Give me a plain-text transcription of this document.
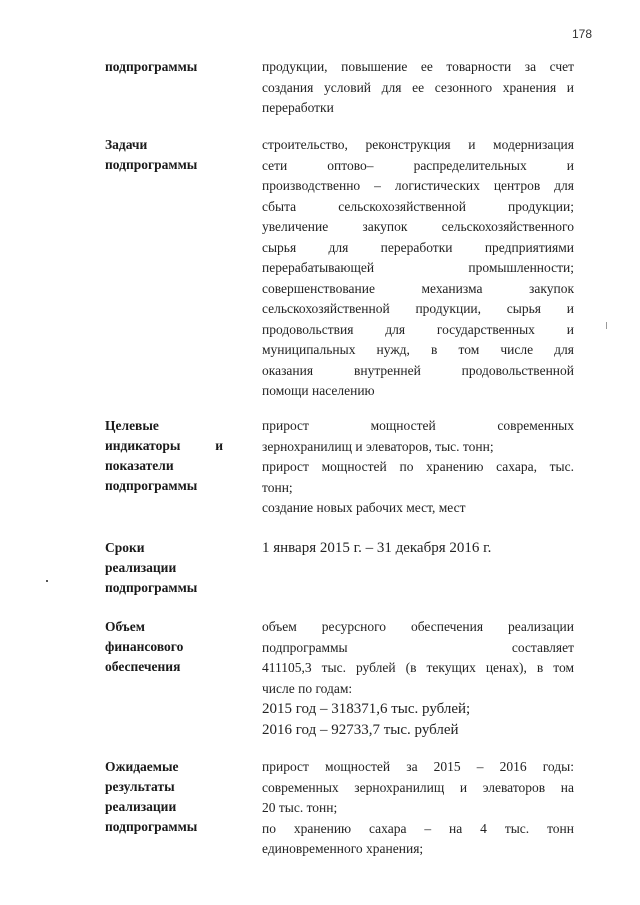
178
подпрограммы	продукции, повышение ее товарности за счет
создания условий для ее сезонного хранения и
переработки
Задачи
подпрограммы
строительство, реконструкция и модернизация
сети оптово– распределительных и
производственно – логистических центров для
сбыта сельскохозяйственной продукции;
увеличение закупок сельскохозяйственного
сырья для переработки предприятиями
перерабатывающей промышленности;
совершенствование механизма закупок
сельскохозяйственной продукции, сырья и
продовольствия для государственных и
муниципальных нужд, в том числе для
оказания внутренней продовольственной
помощи населению
Целевые
индикаторы и
показатели
подпрограммы
прирост мощностей современных
зернохранилищ и элеваторов, тыс. тонн;
прирост мощностей по хранению сахара, тыс.
тонн;
создание новых рабочих мест, мест
Сроки
реализации
подпрограммы
1 января 2015 г. – 31 декабря 2016 г.
Объем
финансового
обеспечения
объем ресурсного обеспечения реализации
подпрограммы составляет
411105,3 тыс. рублей (в текущих ценах), в том
числе по годам:
2015 год – 318371,6 тыс. рублей;
2016 год – 92733,7 тыс. рублей
Ожидаемые
результаты
реализации
подпрограммы
прирост мощностей за 2015 – 2016 годы:
современных зернохранилищ и элеваторов на
20 тыс. тонн;
по хранению сахара – на 4 тыс. тонн
единовременного хранения;
